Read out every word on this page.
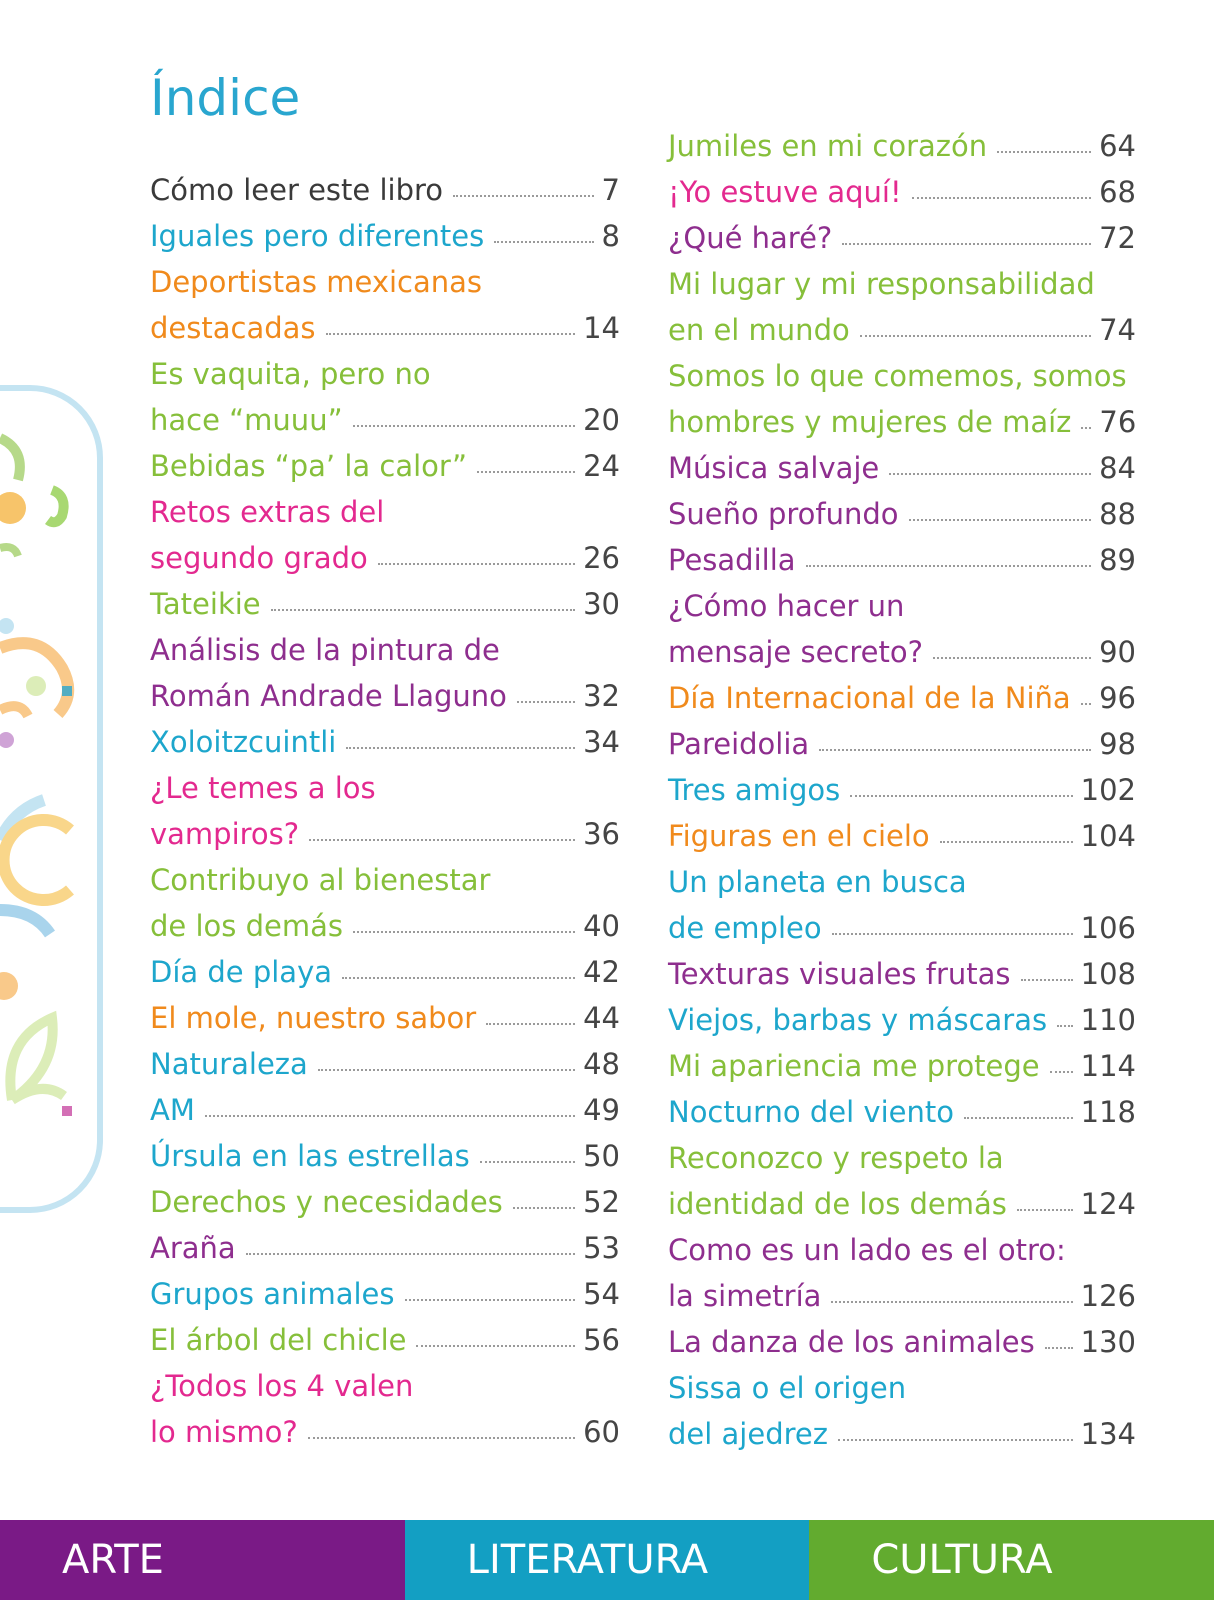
Índice
Cómo leer este libro	7
Iguales pero diferentes	8
Deportistas mexicanas
destacadas	14
Es vaquita, pero no
hace “muuu”	20
Bebidas “pa’ la calor”	24
Retos extras del
segundo grado	26
Tateikie	30
Análisis de la pintura de
Román Andrade Llaguno	32
Xoloitzcuintli	34
¿Le temes a los
vampiros?	36
Contribuyo al bienestar
de los demás	40
Día de playa	42
El mole, nuestro sabor	44
Naturaleza	48
AM	49
Úrsula en las estrellas	50
Derechos y necesidades	52
Araña	53
Grupos animales	54
El árbol del chicle	56
¿Todos los 4 valen
lo mismo?	60
Jumiles en mi corazón	64
¡Yo estuve aquí!	68
¿Qué haré?	72
Mi lugar y mi responsabilidad
en el mundo	74
Somos lo que comemos, somos
hombres y mujeres de maíz 76
Música salvaje	84
Sueño profundo	88
Pesadilla	89
¿Cómo hacer un
mensaje secreto?	90
Día Internacional de la Niña 96
Pareidolia	98
Tres amigos	102
Figuras en el cielo	104
Un planeta en busca
de empleo	106
Texturas visuales frutas 108
Viejos, barbas y máscaras 110
Mi apariencia me protege 114
Nocturno del viento	118
Reconozco y respeto la
identidad de los demás	124
Como es un lado es el otro:
la simetría	126
La danza de los animales 130
Sissa o el origen
del ajedrez	134
ARTE	LITERATURA	CULTURA
